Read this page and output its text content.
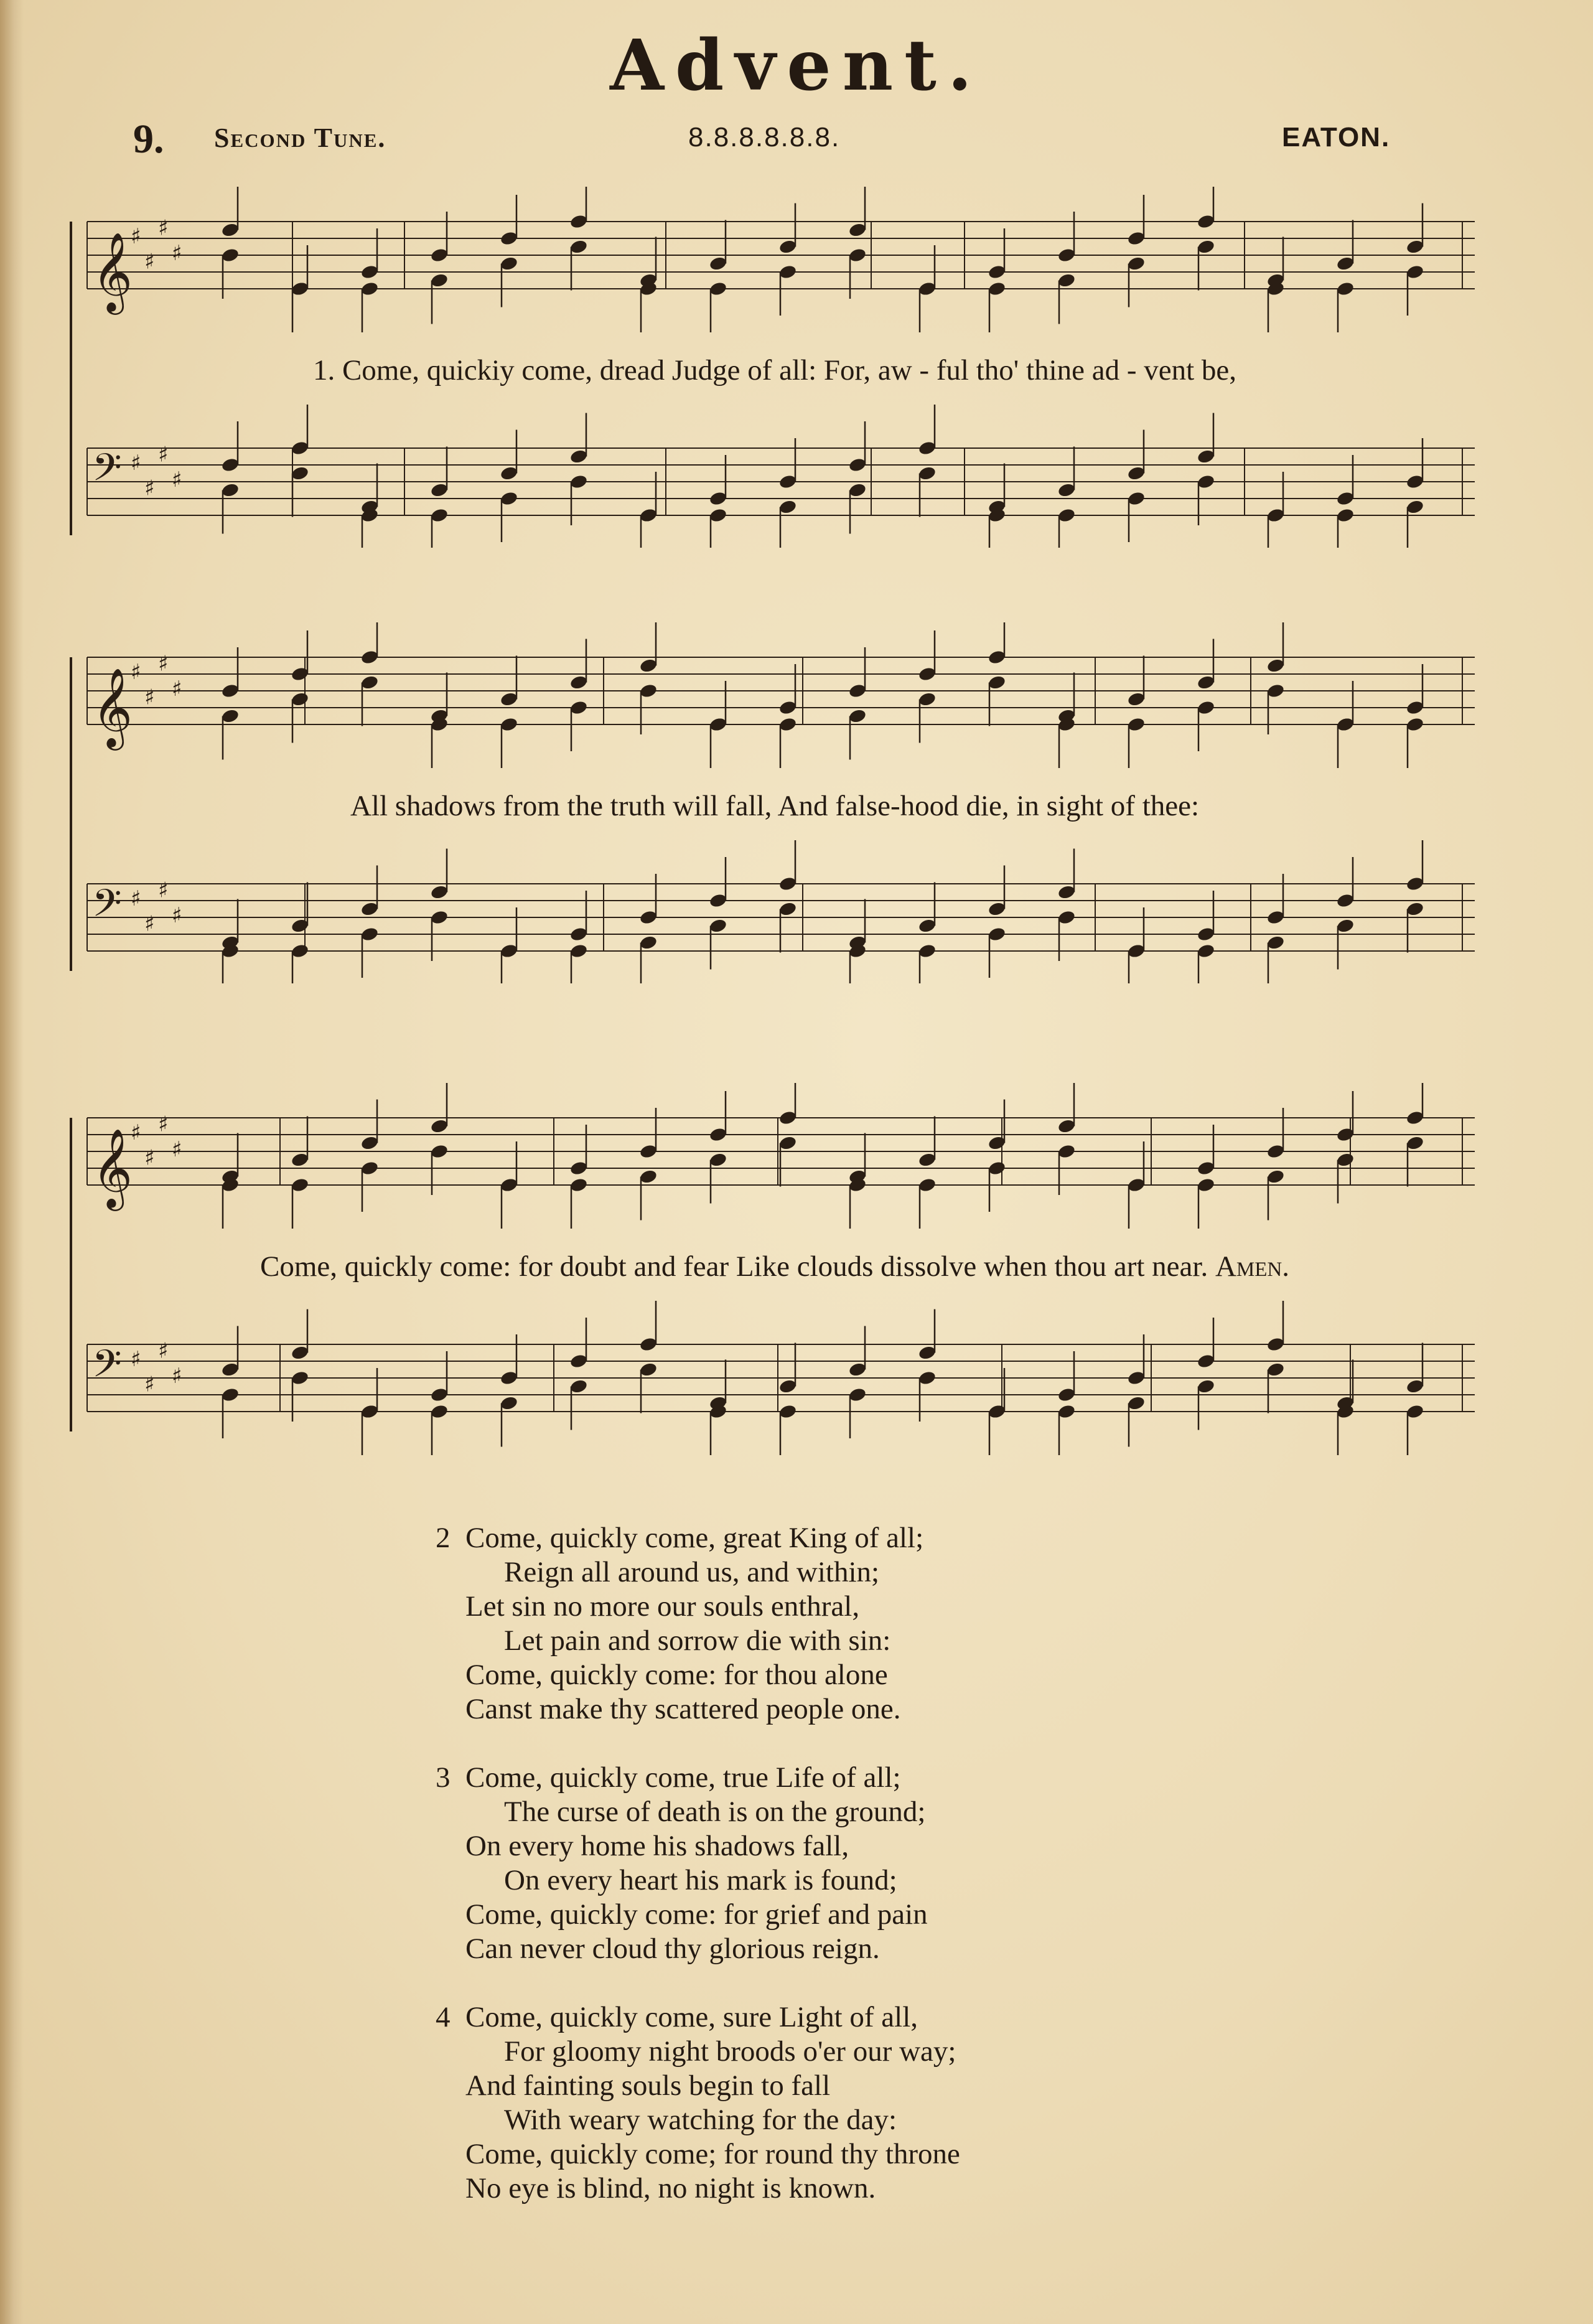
Advent.
9. Second Tune.	8.8.8.8.8.8.	EATON.
𝄞
♯
♯
♯
♯
𝄢 ♯
♯
♯
♯
1. Come, quickiy come, dread Judge of all: For, aw - ful tho' thine ad - vent be,
𝄞
♯
♯
♯
♯
𝄢 ♯
♯
♯
♯
All shadows from the truth will fall, And false-hood die, in sight of thee:
𝄞
♯
♯
♯
♯
𝄢 ♯
♯
♯
♯
Come, quickly come: for doubt and fear Like clouds dissolve when thou art near. Amen.
2 Come, quickly come, great King of all;
Reign all around us, and within;
Let sin no more our souls enthral,
Let pain and sorrow die with sin:
Come, quickly come: for thou alone
Canst make thy scattered people one.
3 Come, quickly come, true Life of all;
The curse of death is on the ground;
On every home his shadows fall,
On every heart his mark is found;
Come, quickly come: for grief and pain
Can never cloud thy glorious reign.
4 Come, quickly come, sure Light of all,
For gloomy night broods o'er our way;
And fainting souls begin to fall
With weary watching for the day:
Come, quickly come; for round thy throne
No eye is blind, no night is known.
